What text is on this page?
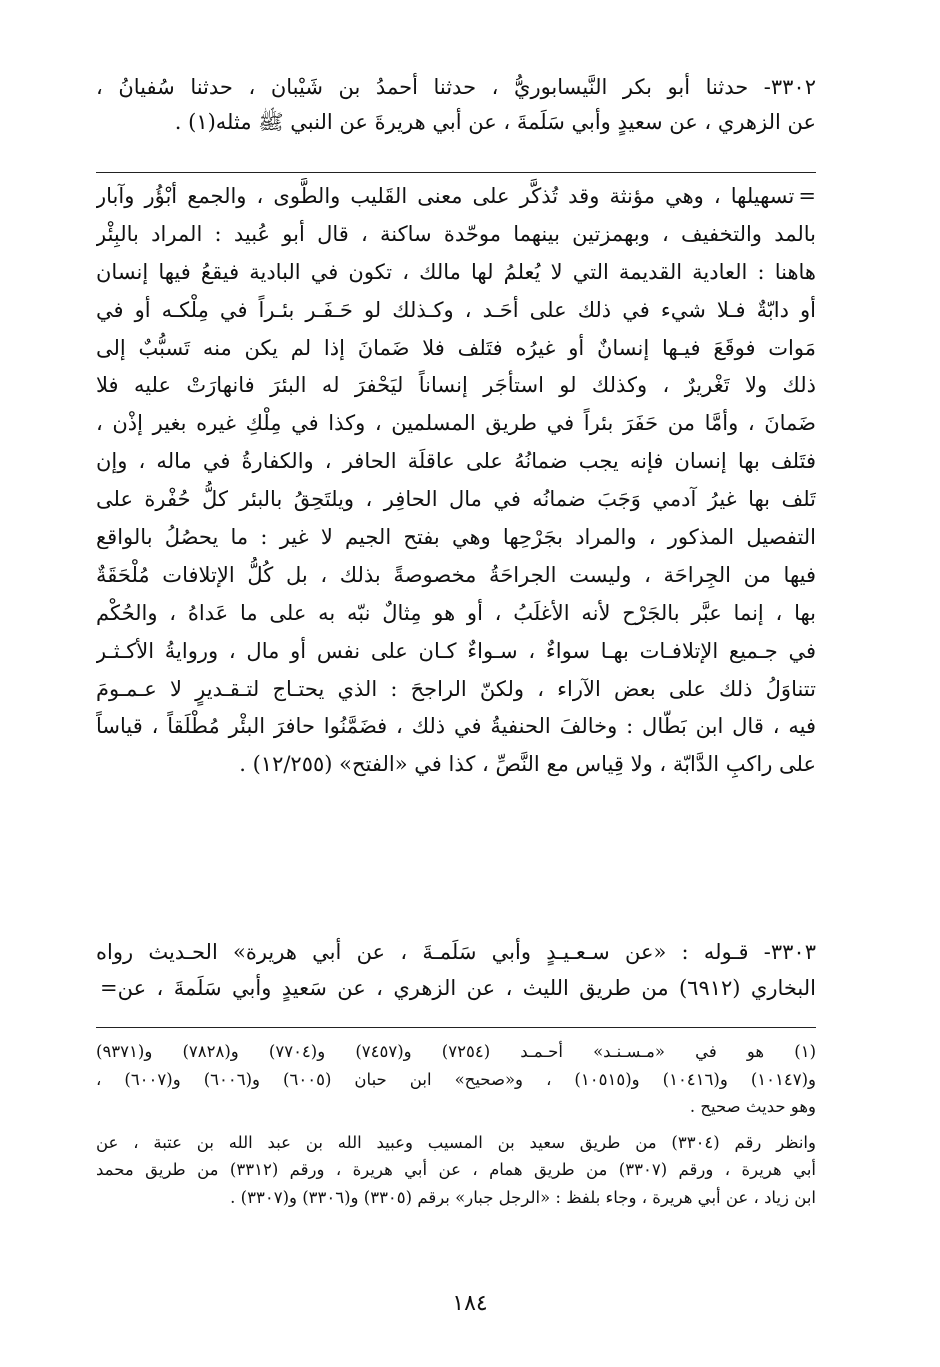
٣٣٠٢- حدثنا أبو بكر النَّيسابوريُّ ، حدثنا أحمدُ بن شَيْبان ، حدثنا سُفيانُ ،
عن الزهري ، عن سعيدٍ وأبي سَلَمةَ ، عن أبي هريرةَ عن النبي ﷺ مثله(١) .
=تسهيلها ، وهي مؤنثة وقد تُذكَّر على معنى القَليب والطَّوى ، والجمع أبْؤُر وآبار
بالمد والتخفيف ، وبهمزتين بينهما موحّدة ساكنة ، قال أبو عُبيد : المراد بالبِئْر
هاهنا : العادية القديمة التي لا يُعلمُ لها مالك ، تكون في البادية فيقعُ فيها إنسان
أو دابّةٌ فـلا شيء في ذلك على أحَـد ، وكـذلك لو حَـفَـر بئـراً في مِلْكـه أو في
مَوات فوقَعَ فيـها إنسانٌ أو غيرُه فتَلف فلا ضَمانَ إذا لم يكن منه تَسبُّبٌ إلى
ذلك ولا تَغْريرٌ ، وكذلك لو استأجَر إنساناً ليَحْفرَ له البئرَ فانهارَتْ عليه فلا
ضَمانَ ، وأمَّا من حَفَرَ بئراً في طريق المسلمين ، وكذا في مِلْكِ غيره بغير إذْن ،
فتَلف بها إنسان فإنه يجب ضمانُهُ على عاقلَة الحافر ، والكفارةُ في ماله ، وإن
تَلف بها غيرُ آدمي وَجَبَ ضمانُه في مال الحافِر ، ويلتَحِقُ بالبئر كلُّ حُفْرة على
التفصيل المذكور ، والمراد بجَرْحِها وهي بفتح الجيم لا غير : ما يحصُلُ بالواقع
فيها من الجِراحَة ، وليست الجراحَةُ مخصوصةً بذلك ، بل كُلُّ الإتلافات مُلْحَقَةٌ
بها ، إنما عبَّر بالجَرْح لأنه الأغلَبُ ، أو هو مِثالٌ نبّه به على ما عَداهُ ، والحُكْم
في جـميع الإتلافـات بهـا سواءٌ ، سـواءٌ كـان على نفس أو مال ، وروايةُ الأكـثـر
تتناوَلُ ذلك على بعض الآراء ، ولكنّ الراجحَ : الذي يحتـاج لتـقـديرٍ لا عـمـومَ
فيه ، قال ابن بَطّال : وخالفَ الحنفيةُ في ذلك ، فضَمَّنُوا حافرَ البئْر مُطْلَقاً ، قياساً
على راكبِ الدَّابّة ، ولا قِياس مع النَّصِّ ، كذا في «الفتح» (١٢/٢٥٥) .
٣٣٠٣- قـوله : «عن سـعـيـدٍ وأبي سَلَمـةَ ، عن أبي هريرة» الحـديث رواه
البخاري (٦٩١٢) من طريق الليث ، عن الزهري ، عن سَعيدٍ وأبي سَلَمةَ ، عن=
(١) هو في «مـسـنـد» أحـمـد (٧٢٥٤) و(٧٤٥٧) و(٧٧٠٤) و(٧٨٢٨) و(٩٣٧١)
و(١٠١٤٧) و(١٠٤١٦) و(١٠٥١٥) ، و«صحيح» ابن حبان (٦٠٠٥) و(٦٠٠٦) و(٦٠٠٧) ،
وهو حديث صحيح .
وانظر رقم (٣٣٠٤) من طريق سعيد بن المسيب وعبيد الله بن عبد الله بن عتبة ، عن
أبي هريرة ، ورقم (٣٣٠٧) من طريق همام ، عن أبي هريرة ، ورقم (٣٣١٢) من طريق محمد
ابن زياد ، عن أبي هريرة ، وجاء بلفظ : «الرجل جبار» برقم (٣٣٠٥) و(٣٣٠٦) و(٣٣٠٧) .
١٨٤
